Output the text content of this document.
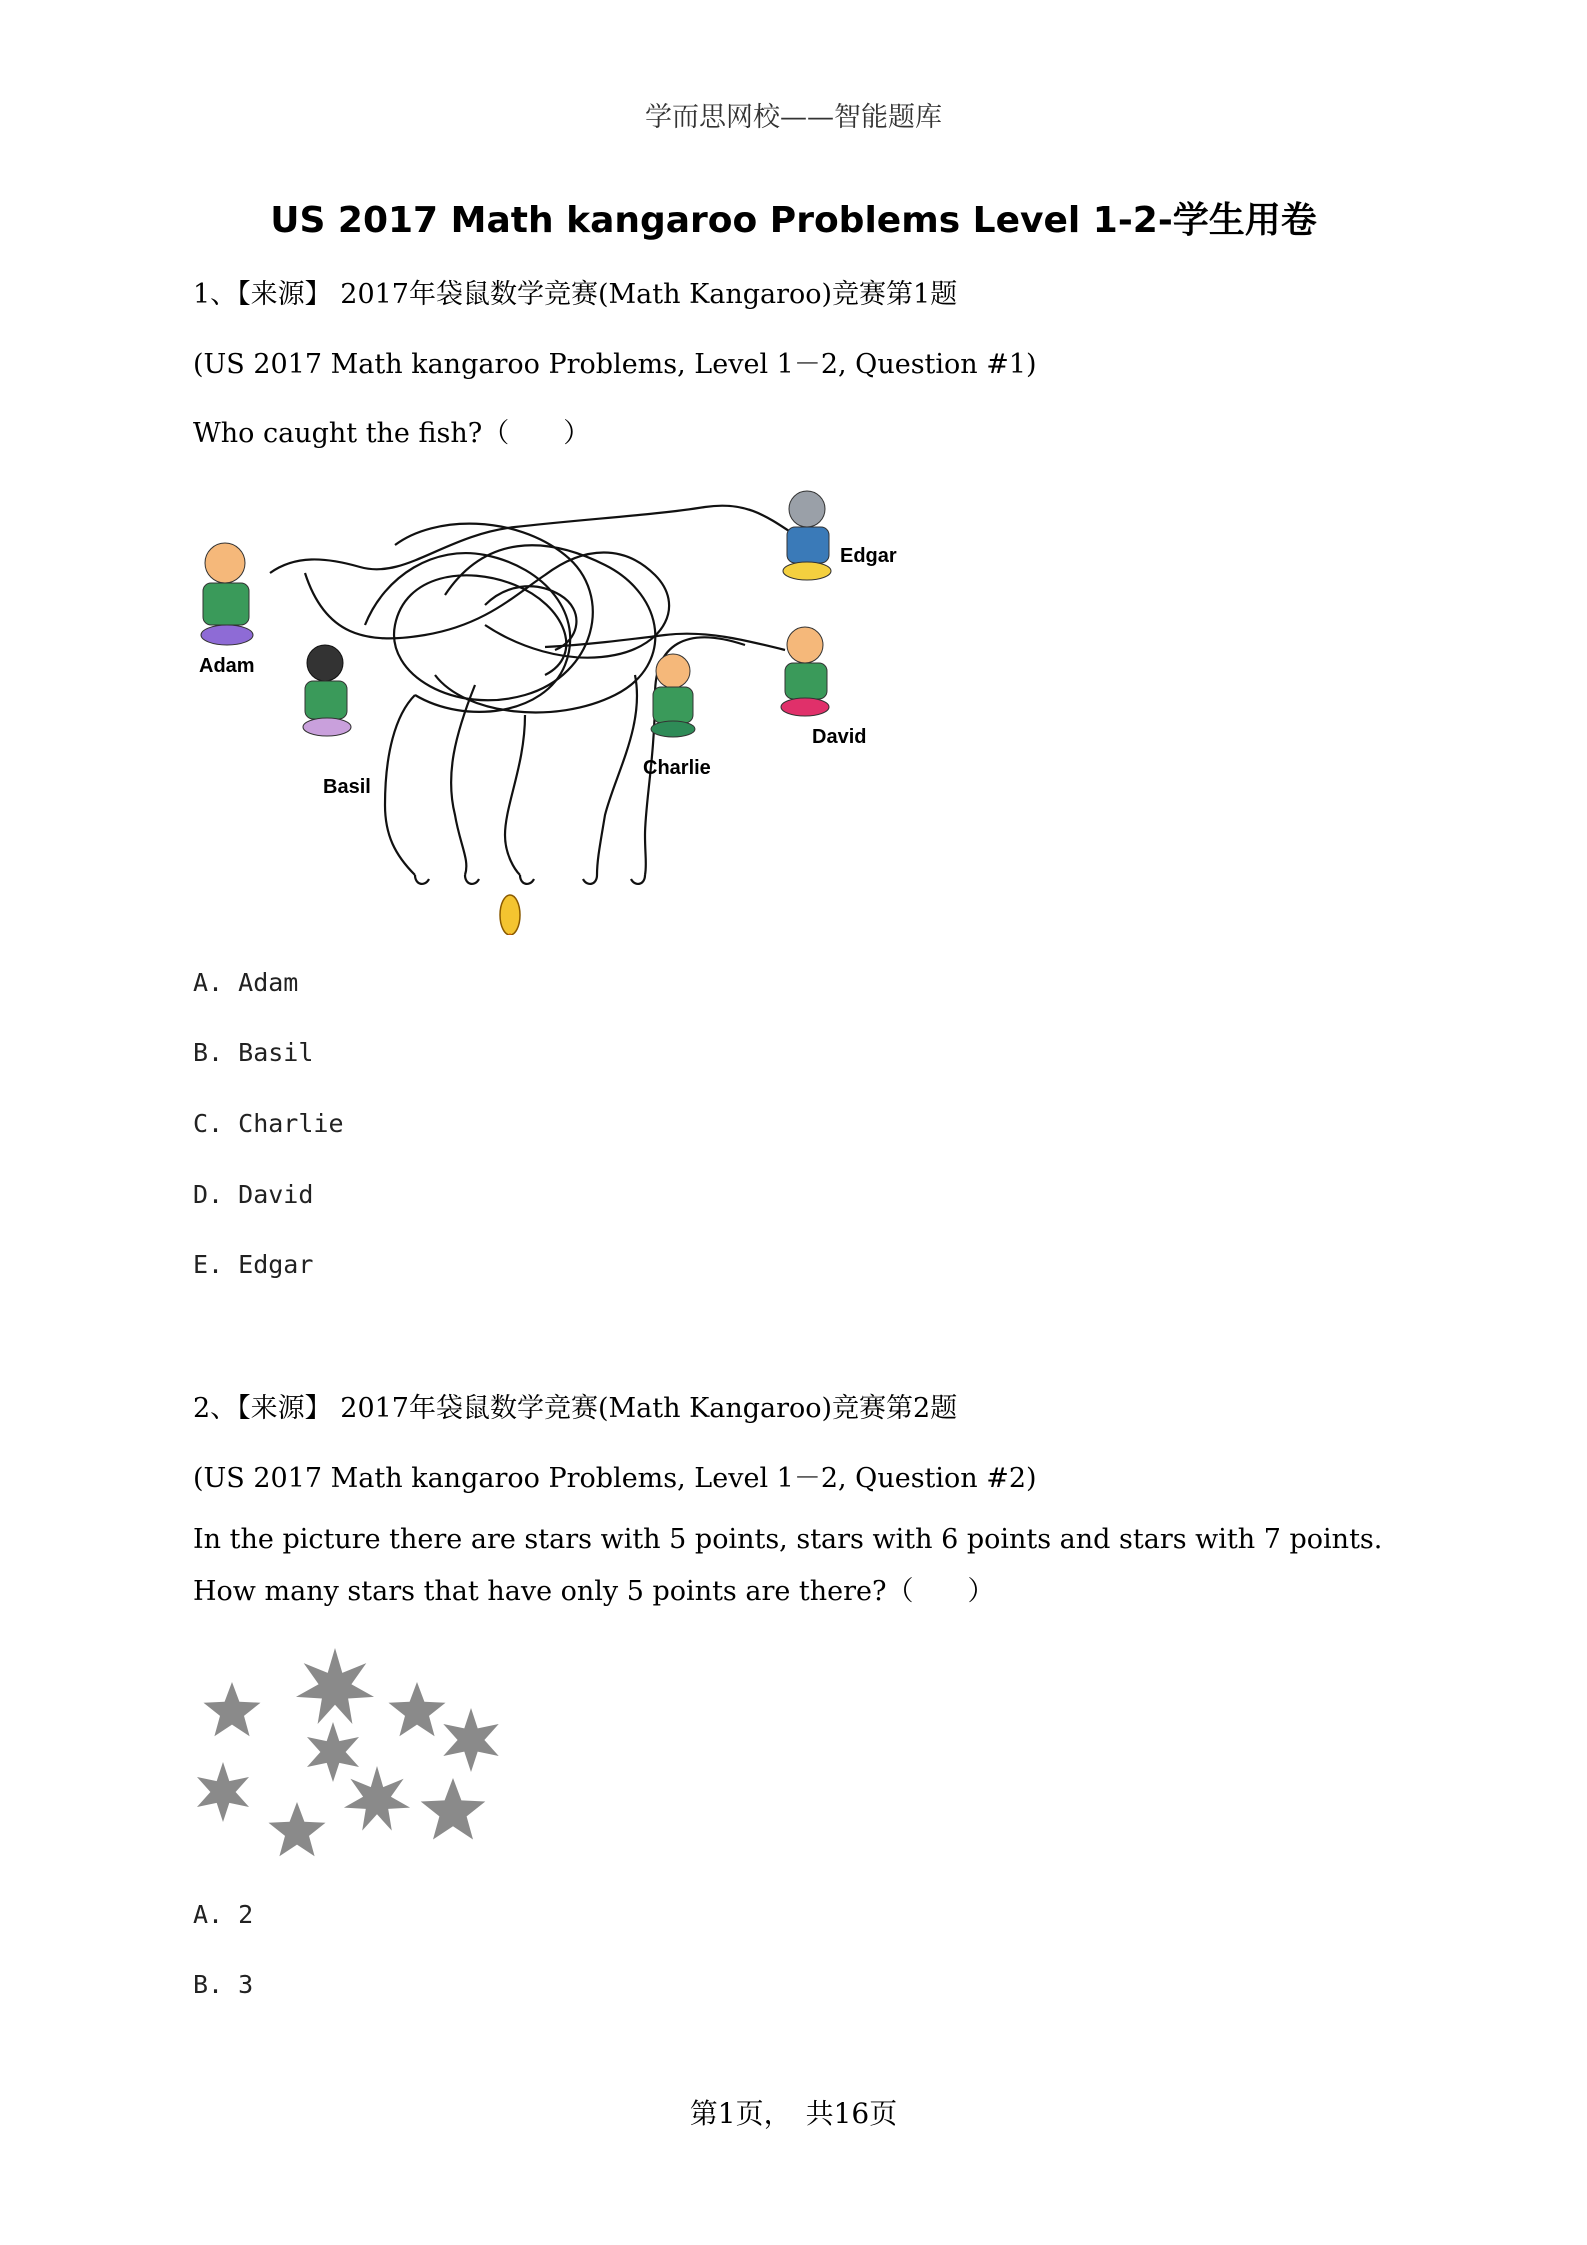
学而思网校——智能题库
US 2017 Math kangaroo Problems Level 1-2-学生用卷
1、【来源】 2017年袋鼠数学竞赛(Math Kangaroo)竞赛第1题
(US 2017 Math kangaroo Problems, Level 1－2, Question #1)
Who caught the fish?（　　）
Adam
Basil
Charlie
David
Edgar
A. Adam
B. Basil
C. Charlie
D. David
E. Edgar
2、【来源】 2017年袋鼠数学竞赛(Math Kangaroo)竞赛第2题
(US 2017 Math kangaroo Problems, Level 1－2, Question #2)
In the picture there are stars with 5 points, stars with 6 points and stars with 7 points. How many stars that have only 5 points are there?（　　）
A. 2
B. 3
第1页，　共16页
